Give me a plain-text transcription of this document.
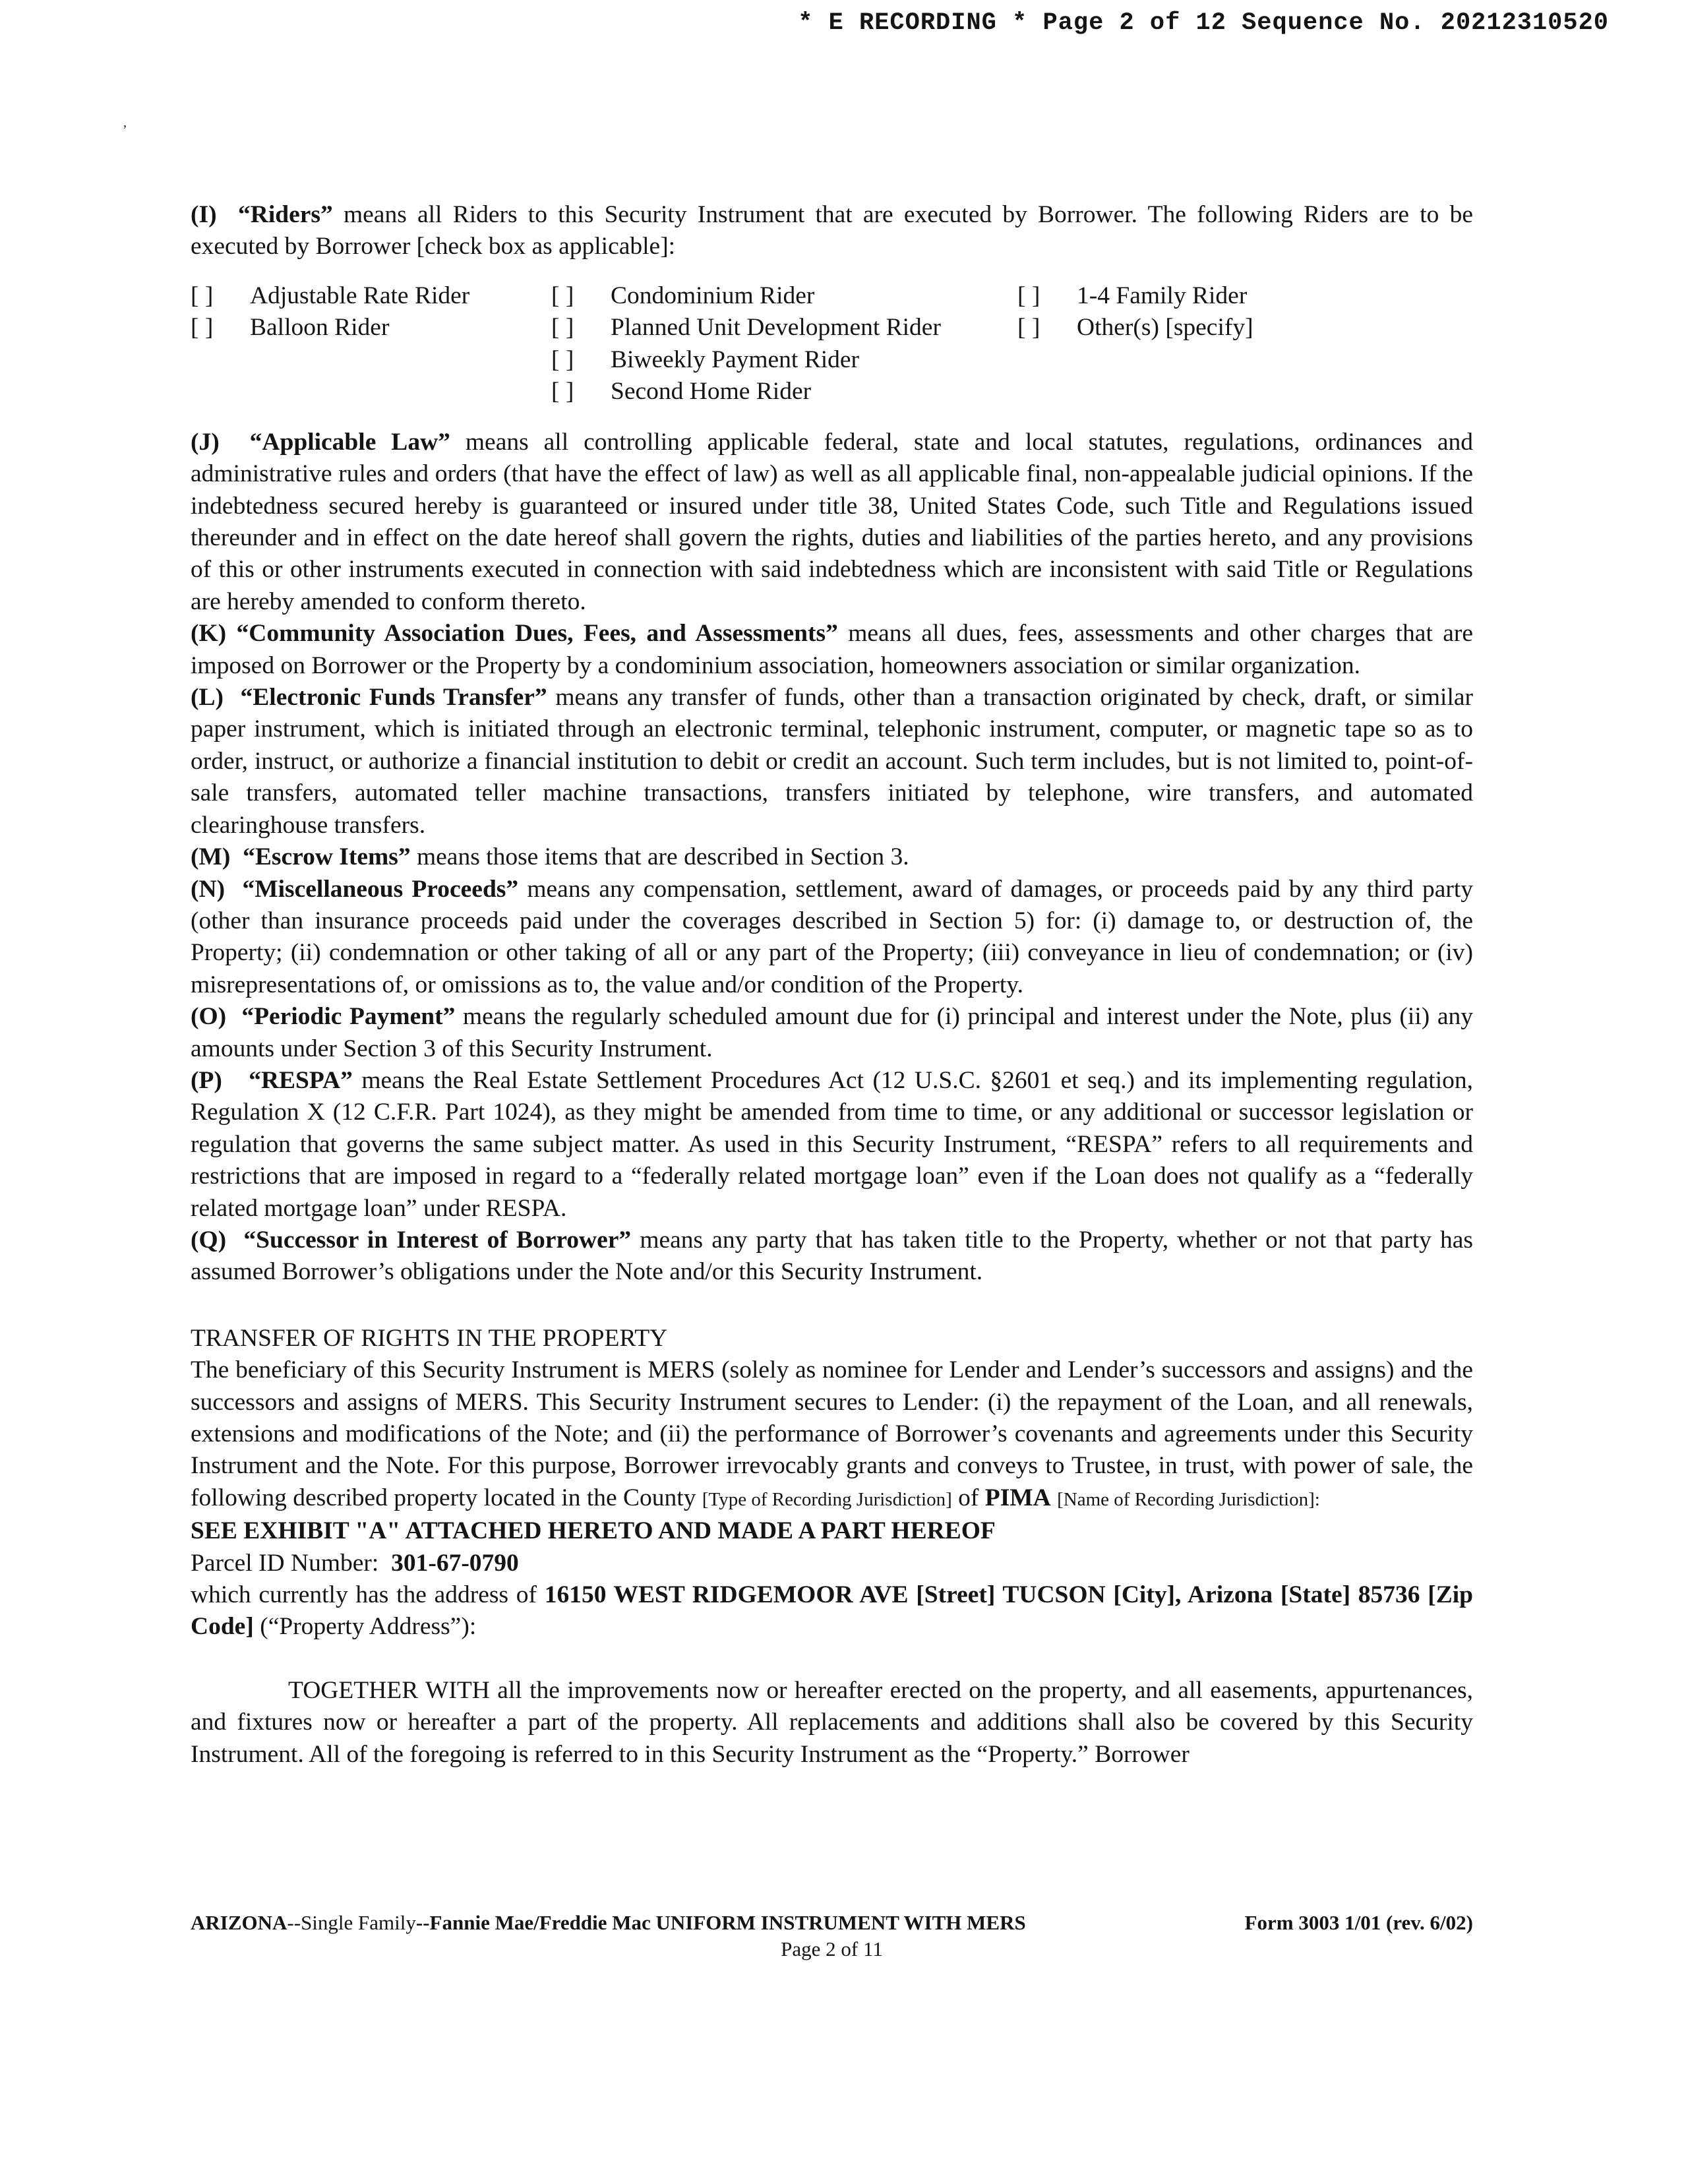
* E RECORDING * Page 2 of 12 Sequence No. 20212310520
’

(I) “Riders” means all Riders to this Security Instrument that are executed by Borrower. The following Riders are to be executed by Borrower [check box as applicable]:

[ ] Adjustable Rate Rider
[ ] Balloon Rider
[ ] Condominium Rider
[ ] Planned Unit Development Rider
[ ] Biweekly Payment Rider
[ ] Second Home Rider
[ ] 1-4 Family Rider
[ ] Other(s) [specify]

(J) “Applicable Law” means all controlling applicable federal, state and local statutes, regulations, ordinances and administrative rules and orders (that have the effect of law) as well as all applicable final, non-appealable judicial opinions. If the indebtedness secured hereby is guaranteed or insured under title 38, United States Code, such Title and Regulations issued thereunder and in effect on the date hereof shall govern the rights, duties and liabilities of the parties hereto, and any provisions of this or other instruments executed in connection with said indebtedness which are inconsistent with said Title or Regulations are hereby amended to conform thereto.

(K) “Community Association Dues, Fees, and Assessments” means all dues, fees, assessments and other charges that are imposed on Borrower or the Property by a condominium association, homeowners association or similar organization.

(L) “Electronic Funds Transfer” means any transfer of funds, other than a transaction originated by check, draft, or similar paper instrument, which is initiated through an electronic terminal, telephonic instrument, computer, or magnetic tape so as to order, instruct, or authorize a financial institution to debit or credit an account. Such term includes, but is not limited to, point-of-sale transfers, automated teller machine transactions, transfers initiated by telephone, wire transfers, and automated clearinghouse transfers.

(M) “Escrow Items” means those items that are described in Section 3.

(N) “Miscellaneous Proceeds” means any compensation, settlement, award of damages, or proceeds paid by any third party (other than insurance proceeds paid under the coverages described in Section 5) for: (i) damage to, or destruction of, the Property; (ii) condemnation or other taking of all or any part of the Property; (iii) conveyance in lieu of condemnation; or (iv) misrepresentations of, or omissions as to, the value and/or condition of the Property.

(O) “Periodic Payment” means the regularly scheduled amount due for (i) principal and interest under the Note, plus (ii) any amounts under Section 3 of this Security Instrument.

(P) “RESPA” means the Real Estate Settlement Procedures Act (12 U.S.C. §2601 et seq.) and its implementing regulation, Regulation X (12 C.F.R. Part 1024), as they might be amended from time to time, or any additional or successor legislation or regulation that governs the same subject matter. As used in this Security Instrument, “RESPA” refers to all requirements and restrictions that are imposed in regard to a “federally related mortgage loan” even if the Loan does not qualify as a “federally related mortgage loan” under RESPA.

(Q) “Successor in Interest of Borrower” means any party that has taken title to the Property, whether or not that party has assumed Borrower’s obligations under the Note and/or this Security Instrument.

TRANSFER OF RIGHTS IN THE PROPERTY

The beneficiary of this Security Instrument is MERS (solely as nominee for Lender and Lender’s successors and assigns) and the successors and assigns of MERS. This Security Instrument secures to Lender: (i) the repayment of the Loan, and all renewals, extensions and modifications of the Note; and (ii) the performance of Borrower’s covenants and agreements under this Security Instrument and the Note. For this purpose, Borrower irrevocably grants and conveys to Trustee, in trust, with power of sale, the following described property located in the County [Type of Recording Jurisdiction] of PIMA [Name of Recording Jurisdiction]:

SEE EXHIBIT "A" ATTACHED HERETO AND MADE A PART HEREOF

Parcel ID Number: 301-67-0790

which currently has the address of 16150 WEST RIDGEMOOR AVE [Street] TUCSON [City], Arizona [State] 85736 [Zip Code] (“Property Address”):

TOGETHER WITH all the improvements now or hereafter erected on the property, and all easements, appurtenances, and fixtures now or hereafter a part of the property. All replacements and additions shall also be covered by this Security Instrument. All of the foregoing is referred to in this Security Instrument as the “Property.” Borrower

ARIZONA--Single Family--Fannie Mae/Freddie Mac UNIFORM INSTRUMENT WITH MERS	Form 3003 1/01 (rev. 6/02)
Page 2 of 11
